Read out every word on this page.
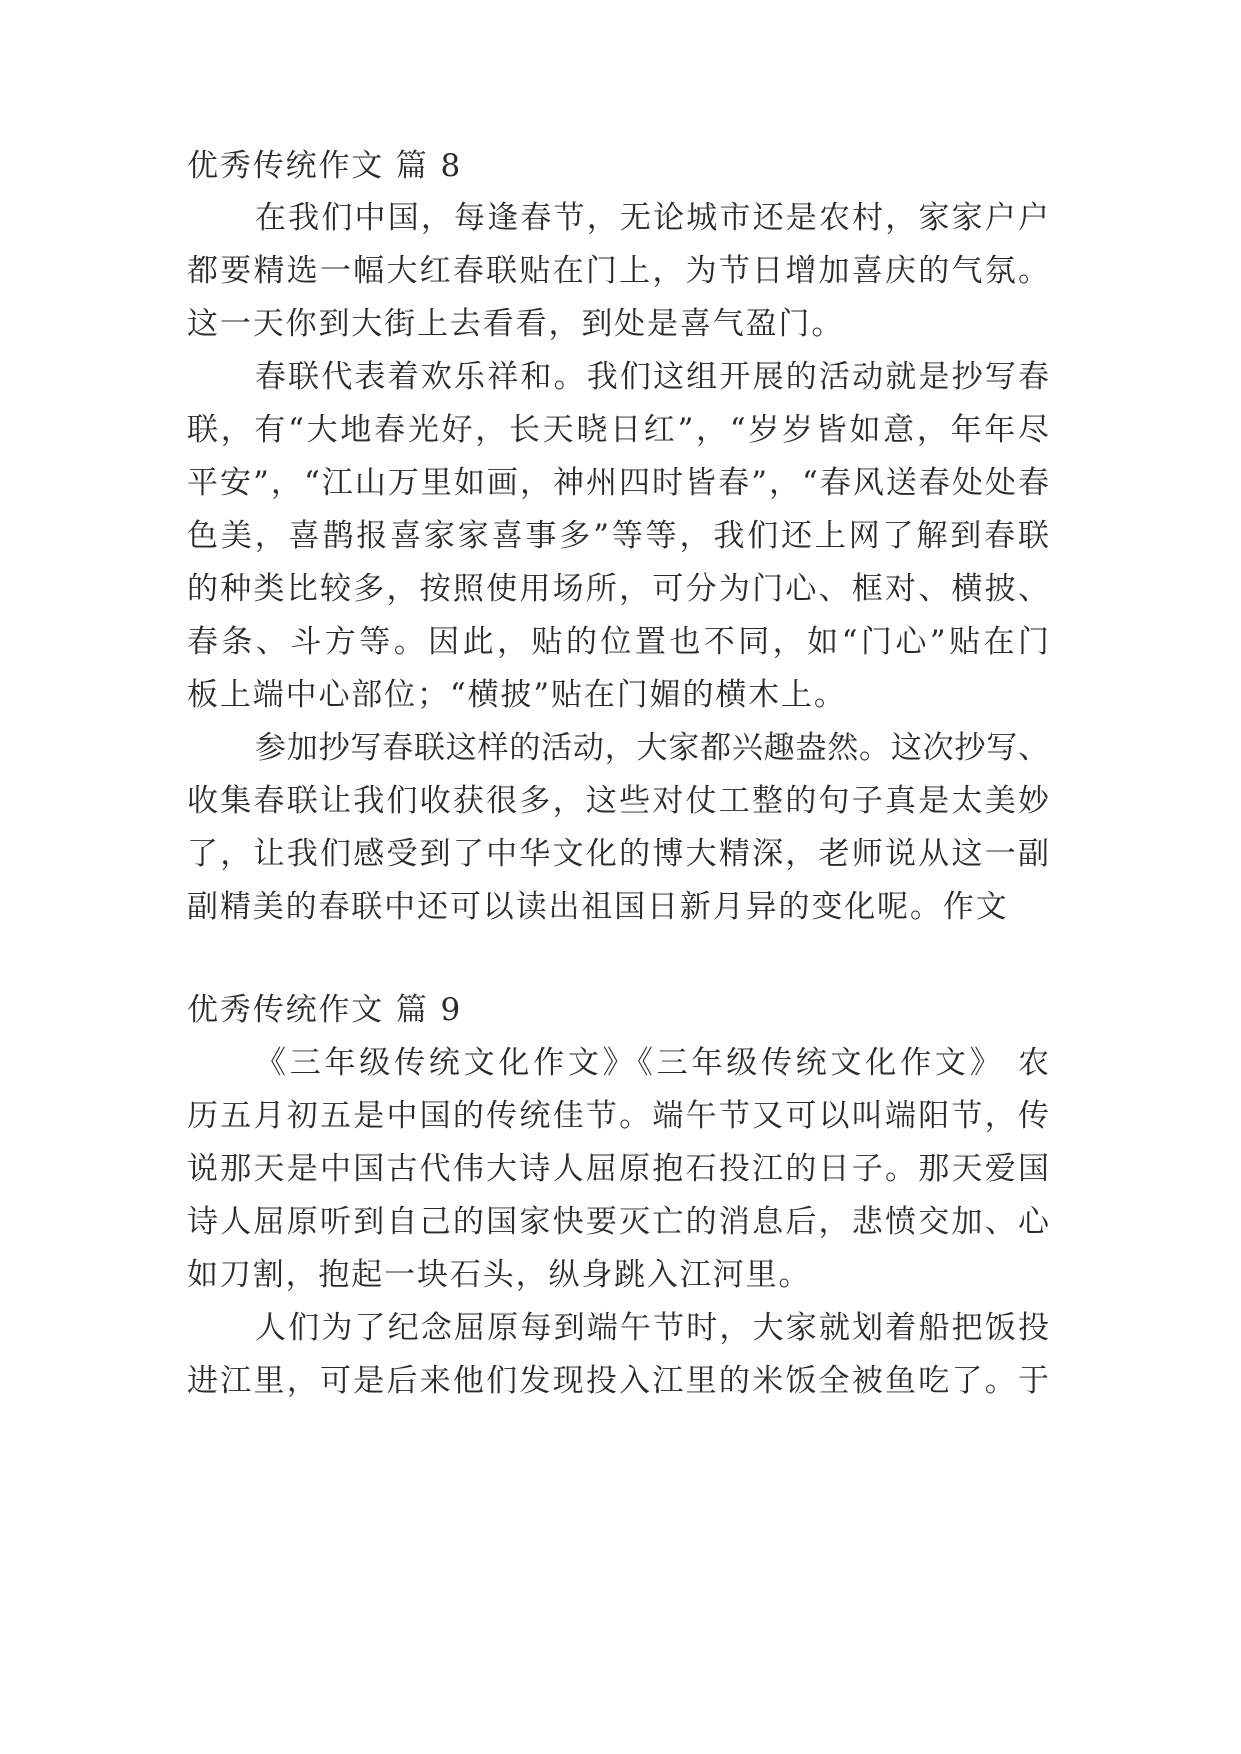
优秀传统作文 篇 8
在我们中国，每逢春节，无论城市还是农村，家家户户
都要精选一幅大红春联贴在门上，为节日增加喜庆的气氛。
这一天你到大街上去看看，到处是喜气盈门。
春联代表着欢乐祥和。我们这组开展的活动就是抄写春
联，有“大地春光好，长天晓日红”，“岁岁皆如意，年年尽
平安”，“江山万里如画，神州四时皆春”，“春风送春处处春
色美，喜鹊报喜家家喜事多”等等，我们还上网了解到春联
的种类比较多，按照使用场所，可分为门心、框对、横披、
春条、斗方等。因此，贴的位置也不同，如“门心”贴在门
板上端中心部位；“横披”贴在门媚的横木上。
参加抄写春联这样的活动，大家都兴趣盎然。这次抄写、
收集春联让我们收获很多，这些对仗工整的句子真是太美妙
了，让我们感受到了中华文化的博大精深，老师说从这一副
副精美的春联中还可以读出祖国日新月异的变化呢。作文
优秀传统作文 篇 9
《三年级传统文化作文》《三年级传统文化作文》 农
历五月初五是中国的传统佳节。端午节又可以叫端阳节，传
说那天是中国古代伟大诗人屈原抱石投江的日子。那天爱国
诗人屈原听到自己的国家快要灭亡的消息后，悲愤交加、心
如刀割，抱起一块石头，纵身跳入江河里。
人们为了纪念屈原每到端午节时，大家就划着船把饭投
进江里，可是后来他们发现投入江里的米饭全被鱼吃了。于
